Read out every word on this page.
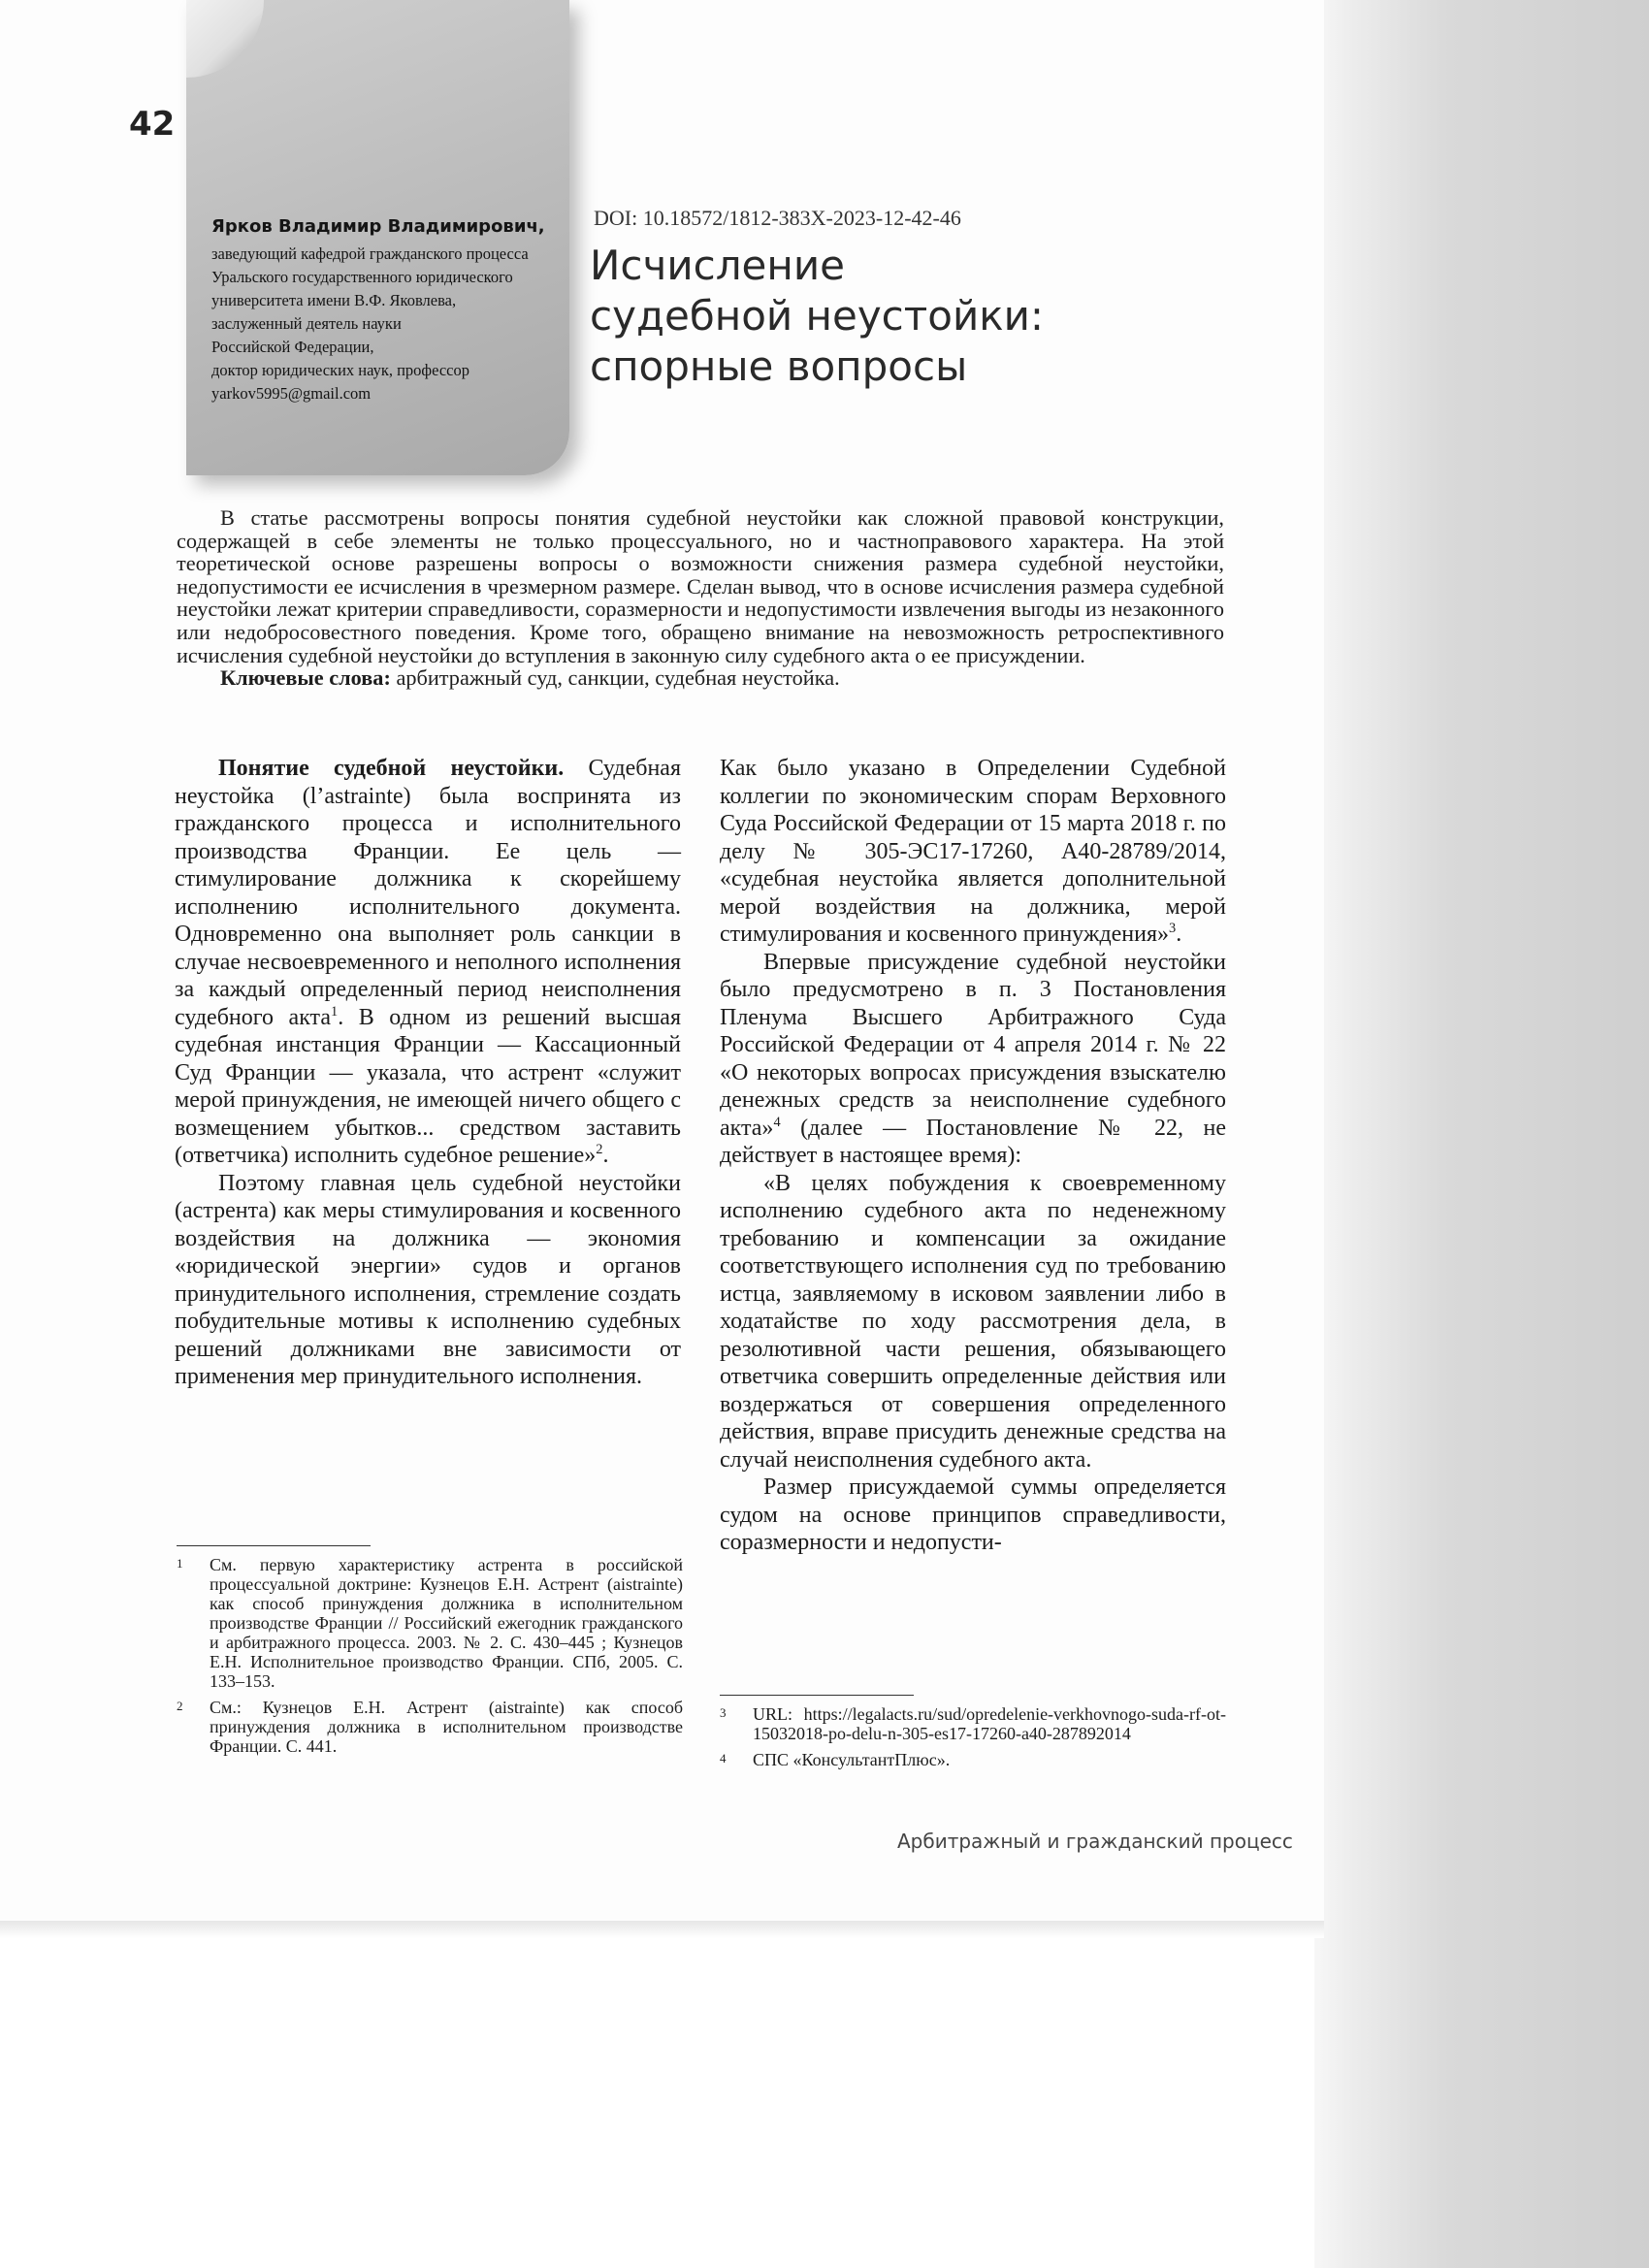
42
Ярков Владимир Владимирович,
заведующий кафедрой гражданского процесса
Уральского государственного юридического
университета имени В.Ф. Яковлева,
заслуженный деятель науки
Российской Федерации,
доктор юридических наук, профессор
yarkov5995@gmail.com
DOI: 10.18572/1812-383X-2023-12-42-46
Исчисление
судебной неустойки:
спорные вопросы

В статье рассмотрены вопросы понятия судебной неустойки как сложной правовой конструкции, содержащей в себе элементы не только процессуального, но и частноправового характера. На этой теоретической основе разрешены вопросы о возможности снижения размера судебной неустойки, недопустимости ее исчисления в чрезмерном размере. Сделан вывод, что в основе исчисления размера судебной неустойки лежат критерии справедливости, соразмерности и недопустимости извлечения выгоды из незаконного или недобросовестного поведения. Кроме того, обращено внимание на невозможность ретроспективного исчисления судебной неустойки до вступления в законную силу судебного акта о ее присуждении.

Ключевые слова: арбитражный суд, санкции, судебная неустойка.

Понятие судебной неустойки. Судебная неустойка (l’astrainte) была воспринята из гражданского процесса и исполнительного производства Франции. Ее цель — стимулирование должника к скорейшему исполнению исполнительного документа. Одновременно она выполняет роль санкции в случае несвоевременного и неполного исполнения за каждый определенный период неисполнения судебного акта$^1$. В одном из решений высшая судебная инстанция Франции — Кассационный Суд Франции — указала, что астрент «служит мерой принуждения, не имеющей ничего общего с возмещением убытков... средством заставить (ответчика) исполнить судебное решение»$^2$.

Поэтому главная цель судебной неустойки (астрента) как меры стимулирования и косвенного воздействия на должника — экономия «юридической энергии» судов и органов принудительного исполнения, стремление создать побудительные мотивы к исполнению судебных решений должниками вне зависимости от применения мер принудительного исполнения.

Как было указано в Определении Судебной коллегии по экономическим спорам Верховного Суда Российской Федерации от 15 марта 2018 г. по делу № 305-ЭС17-17260, А40-28789/2014, «судебная неустойка является дополнительной мерой воздействия на должника, мерой стимулирования и косвенного принуждения»$^3$.

Впервые присуждение судебной неустойки было предусмотрено в п. 3 Постановления Пленума Высшего Арбитражного Суда Российской Федерации от 4 апреля 2014 г. № 22 «О некоторых вопросах присуждения взыскателю денежных средств за неисполнение судебного акта»$^4$ (далее — Постановление № 22, не действует в настоящее время):

«В целях побуждения к своевременному исполнению судебного акта по неденежному требованию и компенсации за ожидание соответствующего исполнения суд по требованию истца, заявляемому в исковом заявлении либо в ходатайстве по ходу рассмотрения дела, в резолютивной части решения, обязывающего ответчика совершить определенные действия или воздержаться от совершения определенного действия, вправе присудить денежные средства на случай неисполнения судебного акта.

Размер присуждаемой суммы определяется судом на основе принципов справедливости, соразмерности и недопусти-

1	См. первую характеристику астрента в российской процессуальной доктрине: Кузнецов Е.Н. Астрент (aistrainte) как способ принуждения должника в исполнительном производстве Франции // Российский ежегодник гражданского и арбитражного процесса. 2003. № 2. С. 430–445 ; Кузнецов Е.Н. Исполнительное производство Франции. СПб, 2005. С. 133–153.
2	См.: Кузнецов Е.Н. Астрент (aistrainte) как способ принуждения должника в исполнительном производстве Франции. С. 441.
3	URL: https://legalacts.ru/sud/opredelenie-verkhovnogo-suda-rf-ot-15032018-po-delu-n-305-es17-17260-a40-287892014
4	СПС «КонсультантПлюс».
Арбитражный и гражданский процесс
